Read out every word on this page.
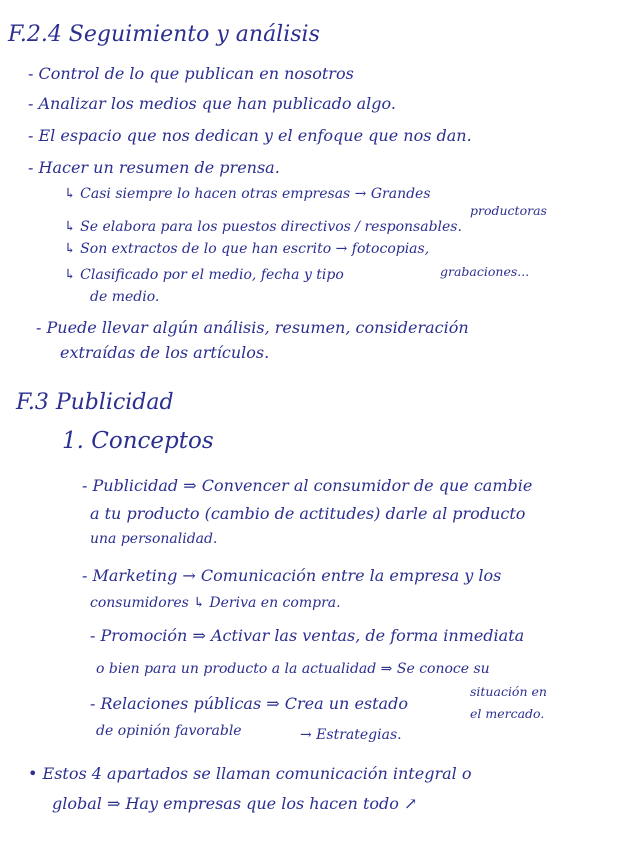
F.2.4 Seguimiento y análisis
- Control de lo que publican en nosotros
- Analizar los medios que han publicado algo.
- El espacio que nos dedican y el enfoque que nos dan.
- Hacer un resumen de prensa.
↳ Casi siempre lo hacen otras empresas → Grandes
productoras
↳ Se elabora para los puestos directivos / responsables.
↳ Son extractos de lo que han escrito → fotocopias,
grabaciones...
↳ Clasificado por el medio, fecha y tipo
de medio.
- Puede llevar algún análisis, resumen, consideración
extraídas de los artículos.
F.3 Publicidad
1. Conceptos
- Publicidad ⇒ Convencer al consumidor de que cambie
a tu producto (cambio de actitudes) darle al producto
una personalidad.
- Marketing → Comunicación entre la empresa y los
consumidores ↳ Deriva en compra.
- Promoción ⇒ Activar las ventas, de forma inmediata
o bien para un producto a la actualidad ⇒ Se conoce su
situación en
el mercado.
- Relaciones públicas ⇒ Crea un estado
de opinión favorable	→ Estrategias.
• Estos 4 apartados se llaman comunicación integral o
global ⇒ Hay empresas que los hacen todo ↗
